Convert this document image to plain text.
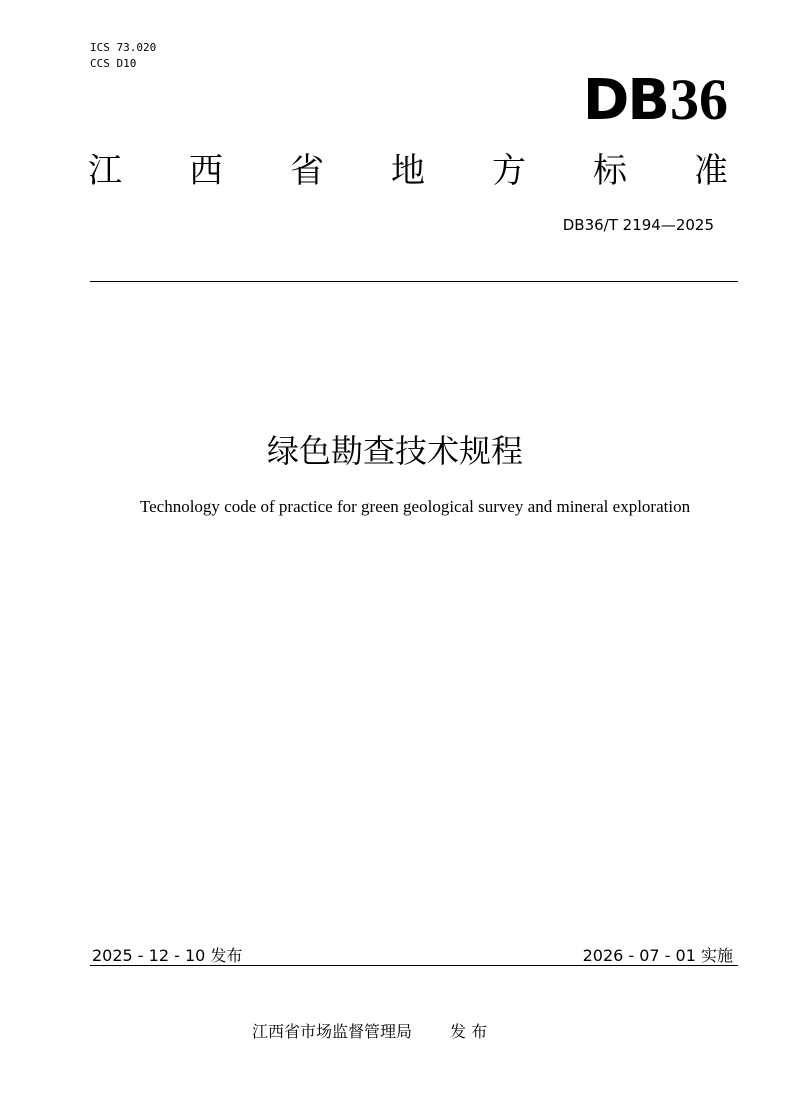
ICS 73.020
CCS D10
DB 36
江 西 省 地 方 标 准
DB36/T 2194—2025
绿色勘查技术规程
Technology code of practice for green geological survey and mineral exploration
2025 - 12 - 10 发布	2026 - 07 - 01 实施
江西省市场监督管理局 发 布
